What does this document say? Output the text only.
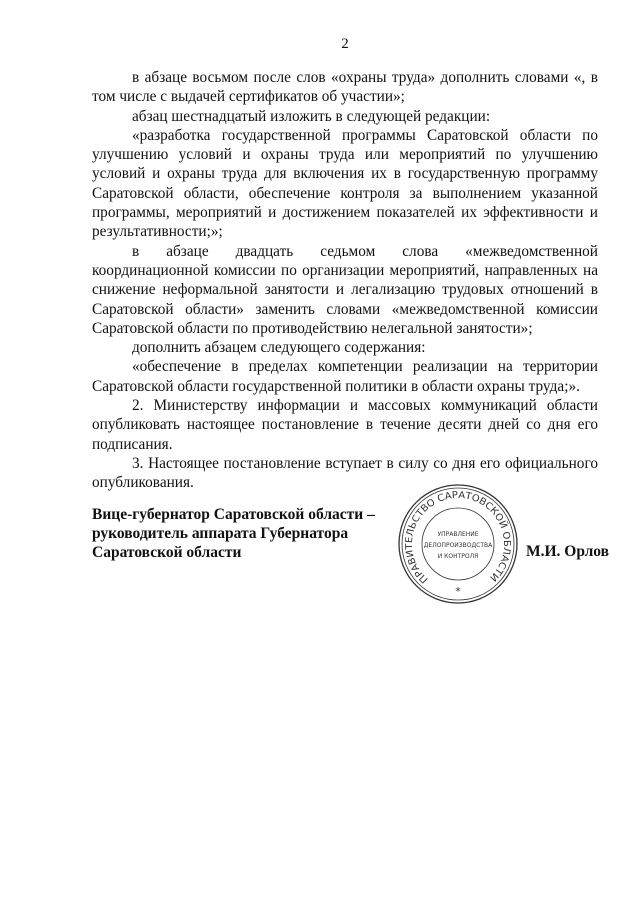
2

в абзаце восьмом после слов «охраны труда» дополнить словами «, в том числе с выдачей сертификатов об участии»;

абзац шестнадцатый изложить в следующей редакции:

«разработка государственной программы Саратовской области по улучшению условий и охраны труда или мероприятий по улучшению условий и охраны труда для включения их в государственную программу Саратовской области, обеспечение контроля за выполнением указанной программы, мероприятий и достижением показателей их эффективности и результативности;»;

в абзаце двадцать седьмом слова «межведомственной координационной комиссии по организации мероприятий, направленных на снижение неформальной занятости и легализацию трудовых отношений в Саратовской области» заменить словами «межведомственной комиссии Саратовской области по противодействию нелегальной занятости»;

дополнить абзацем следующего содержания:

«обеспечение в пределах компетенции реализации на территории Саратовской области государственной политики в области охраны труда;».

2. Министерству информации и массовых коммуникаций области опубликовать настоящее постановление в течение десяти дней со дня его подписания.

3. Настоящее постановление вступает в силу со дня его официального опубликования.

Вице-губернатор Саратовской области –
руководитель аппарата Губернатора
Саратовской области
ПРАВИТЕЛЬСТВО САРАТОВСКОЙ ОБЛАСТИ
УПРАВЛЕНИЕ
ДЕЛОПРОИЗВОДСТВА
И КОНТРОЛЯ
*
М.И. Орлов
